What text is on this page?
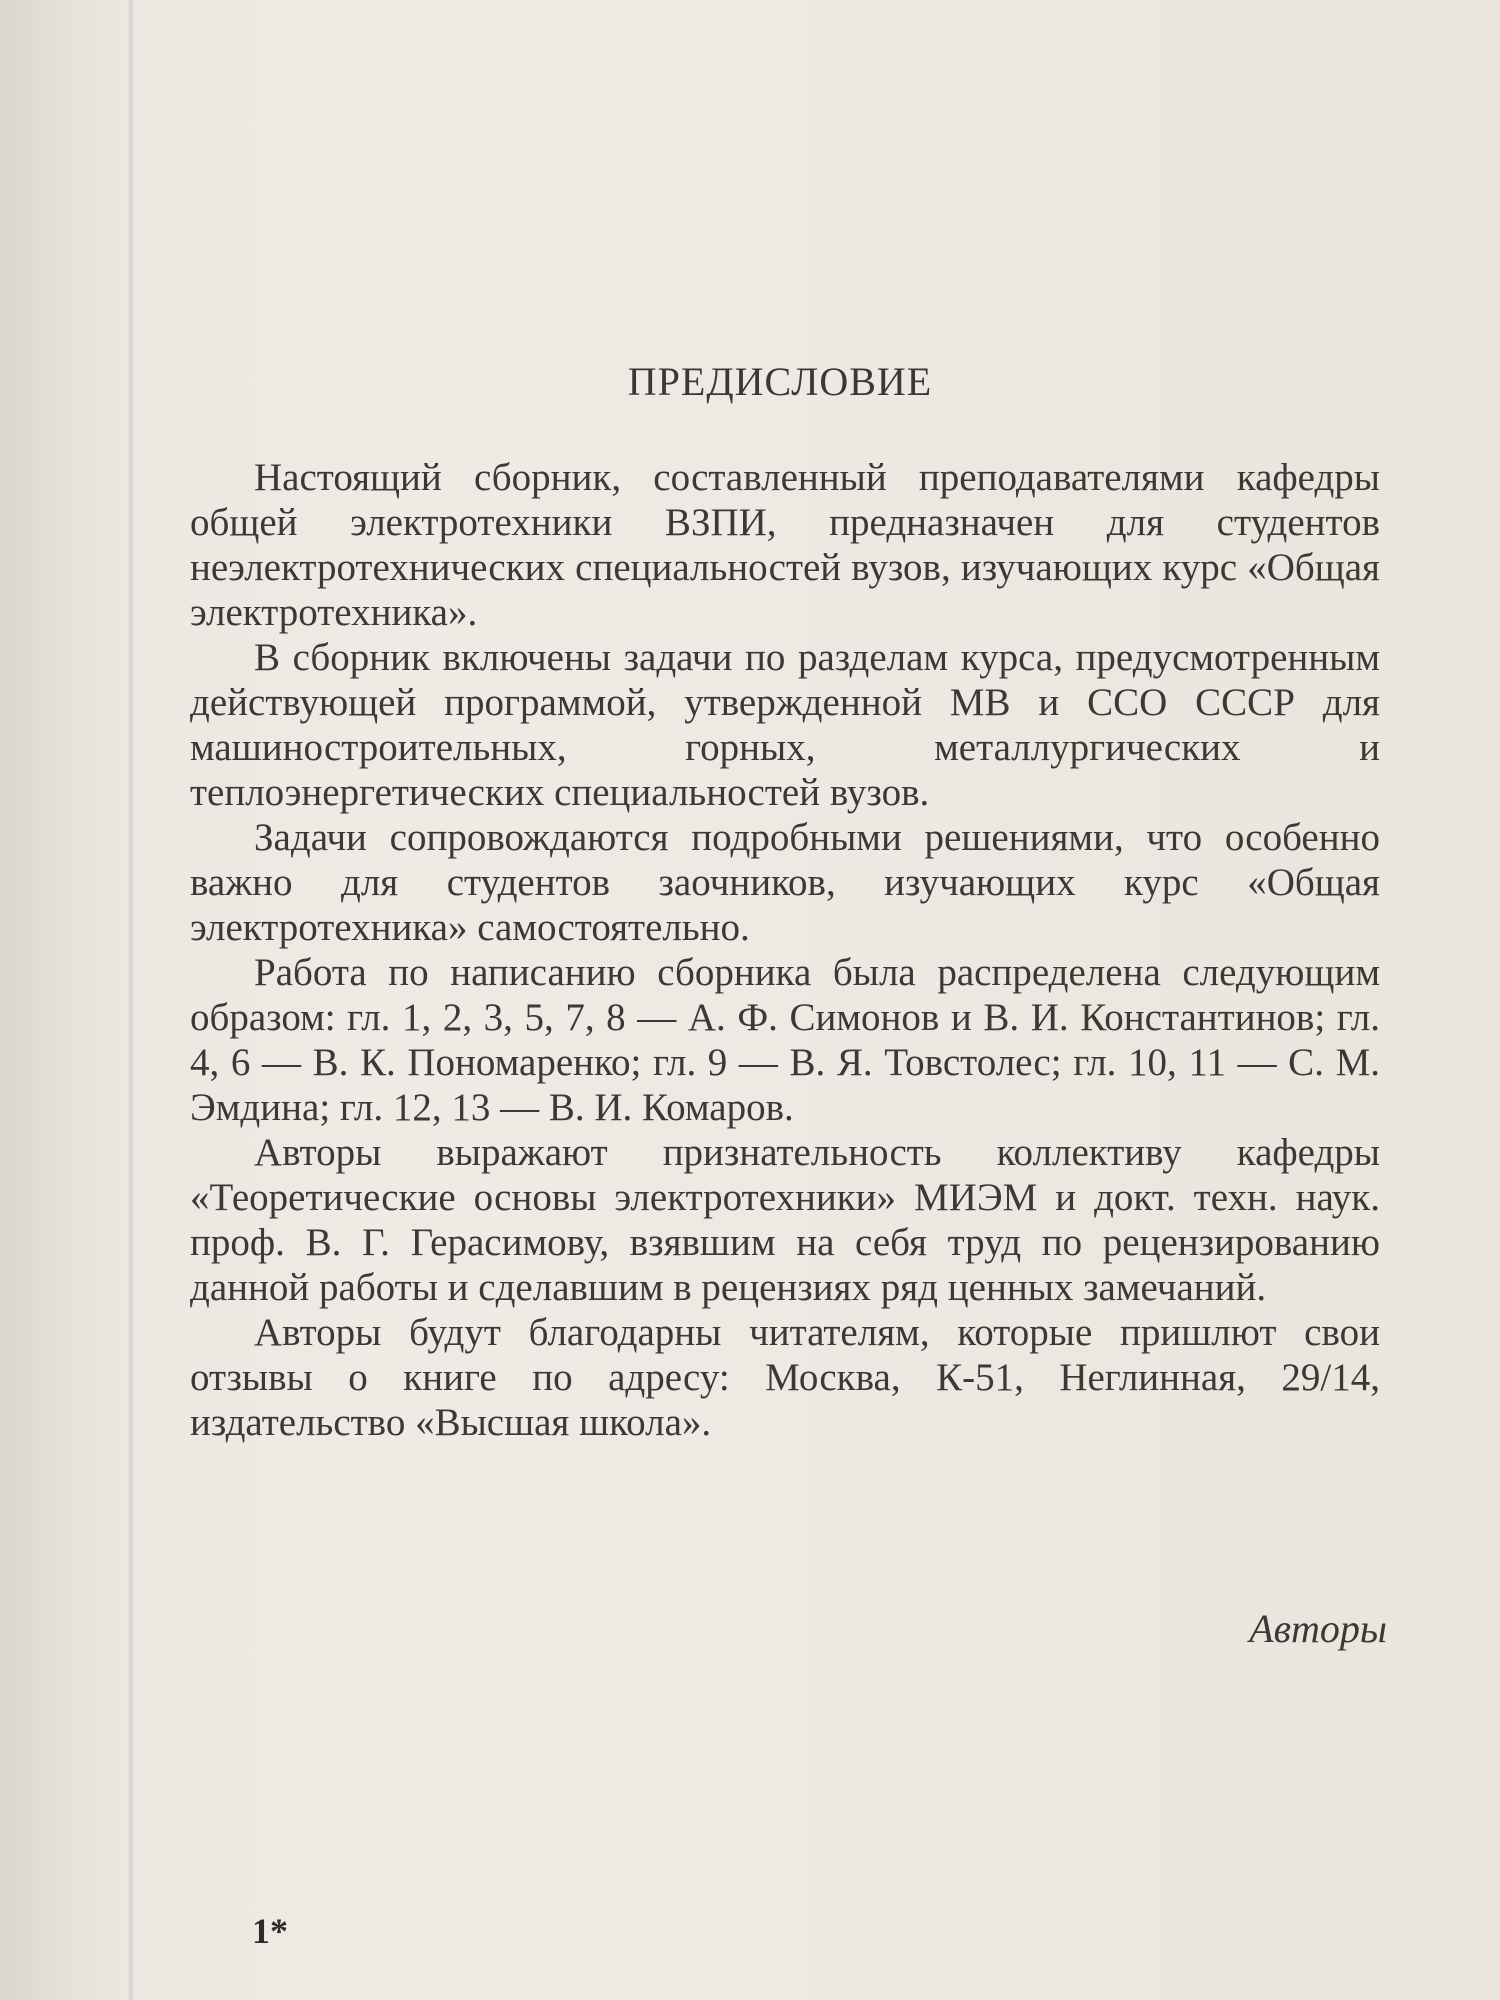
ПРЕДИСЛОВИЕ

Настоящий сборник, составленный преподавателями кафедры общей электротехники ВЗПИ, предназначен для студентов неэлектротехнических специальностей вузов, изучающих курс «Общая электротехника».

В сборник включены задачи по разделам курса, предусмотренным действующей программой, утвержденной МВ и ССО СССР для машиностроительных, горных, металлургических и теплоэнергетических специальностей вузов.

Задачи сопровождаются подробными решениями, что особенно важно для студентов заочников, изучающих курс «Общая электротехника» самостоятельно.

Работа по написанию сборника была распределена следующим образом: гл. 1, 2, 3, 5, 7, 8 — А. Ф. Симонов и В. И. Константинов; гл. 4, 6 — В. К. Пономаренко; гл. 9 — В. Я. Товстолес; гл. 10, 11 — С. М. Эмдина; гл. 12, 13 — В. И. Комаров.

Авторы выражают признательность коллективу кафедры «Теоретические основы электротехники» МИЭМ и докт. техн. наук. проф. В. Г. Герасимову, взявшим на себя труд по рецензированию данной работы и сделавшим в рецензиях ряд ценных замечаний.

Авторы будут благодарны читателям, которые пришлют свои отзывы о книге по адресу: Москва, К-51, Неглинная, 29/14, издательство «Высшая школа».

Авторы
1*
